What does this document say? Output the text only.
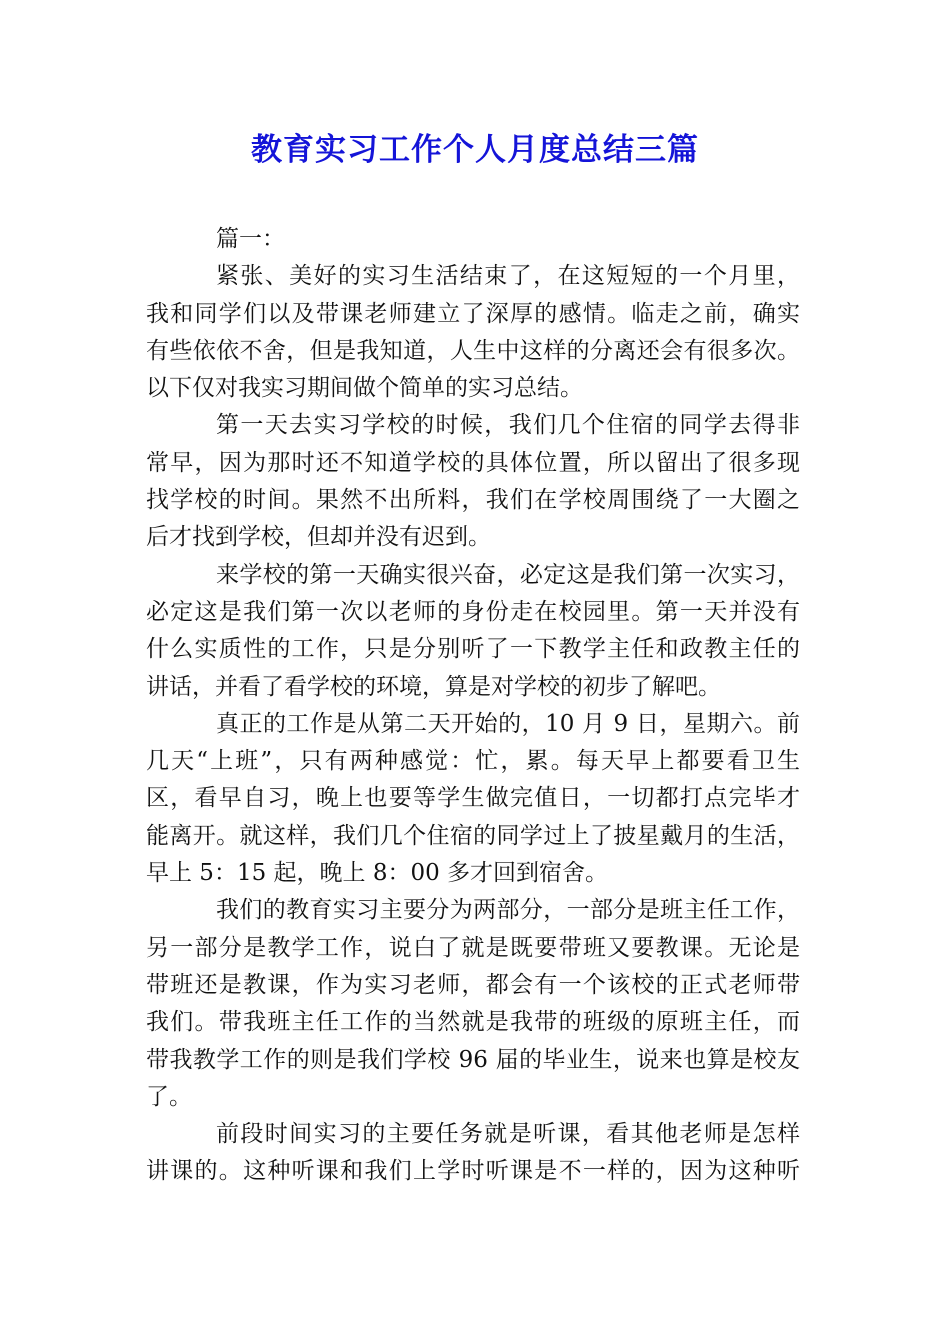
教育实习工作个人月度总结三篇
篇一：
紧张、美好的实习生活结束了，在这短短的一个月里，
我和同学们以及带课老师建立了深厚的感情。临走之前，确实
有些依依不舍，但是我知道，人生中这样的分离还会有很多次。
以下仅对我实习期间做个简单的实习总结。
第一天去实习学校的时候，我们几个住宿的同学去得非
常早，因为那时还不知道学校的具体位置，所以留出了很多现
找学校的时间。果然不出所料，我们在学校周围绕了一大圈之
后才找到学校，但却并没有迟到。
来学校的第一天确实很兴奋，必定这是我们第一次实习，
必定这是我们第一次以老师的身份走在校园里。第一天并没有
什么实质性的工作，只是分别听了一下教学主任和政教主任的
讲话，并看了看学校的环境，算是对学校的初步了解吧。
真正的工作是从第二天开始的，10 月 9 日，星期六。前
几天“上班”，只有两种感觉：忙，累。每天早上都要看卫生
区，看早自习，晚上也要等学生做完值日，一切都打点完毕才
能离开。就这样，我们几个住宿的同学过上了披星戴月的生活，
早上 5：15 起，晚上 8：00 多才回到宿舍。
我们的教育实习主要分为两部分，一部分是班主任工作，
另一部分是教学工作，说白了就是既要带班又要教课。无论是
带班还是教课，作为实习老师，都会有一个该校的正式老师带
我们。带我班主任工作的当然就是我带的班级的原班主任，而
带我教学工作的则是我们学校 96 届的毕业生，说来也算是校友
了。
前段时间实习的主要任务就是听课，看其他老师是怎样
讲课的。这种听课和我们上学时听课是不一样的，因为这种听
